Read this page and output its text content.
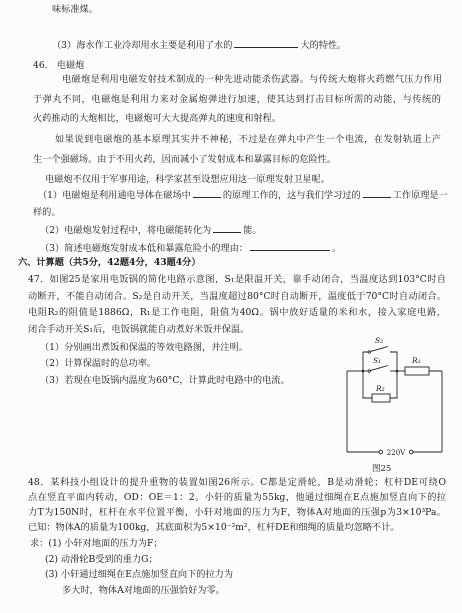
味标准煤。
（3）海水作工业冷却用水主要是利用了水的	大的特性。
46.　电磁炮
电磁炮是利用电磁发射技术制成的一种先进动能杀伤武器。与传统大炮将火药燃气压力作用
于弹丸不同，电磁炮是利用力来对金属炮弹进行加速，使其达到打击目标所需的动能，与传统的
火药推动的大炮相比，电磁炮可大大提高弹丸的速度和射程。
如果说到电磁炮的基本原理其实并不神秘，不过是在弹丸中产生一个电流，在发射轨道上产
生一个强磁场。由于不用火药，因而减小了发射成本和暴露目标的危险性。
电磁炮不仅用于军事用途，科学家甚至设想应用这一原理发射卫星呢。
（1）电磁炮是利用通电导体在磁场中	的原理工作的，这与我们学习过的	工作原理是一
样的。
（2）电磁炮发射过程中，将电磁能转化为	能。
（3）简述电磁炮发射成本低和暴露危险小的理由：	。
六、计算题（共5分，42题4分，43题4分）
47．如图25是家用电饭锅的简化电路示意图，S₁是限温开关，靠手动闭合，当温度达到103°C时自
动断开，不能自动闭合。S₂是自动开关，当温度超过80°C时自动断开，温度低于70°C时自动闭合。
电阻R₂的阻值是1886Ω，R₁是工作电阻，阻值为40Ω。锅中放好适量的米和水，接入家庭电路，
闭合手动开关S₁后，电饭锅就能自动煮好米饭并保温。
（1）分别画出煮饭和保温的等效电路图，并注明。
（2）计算保温时的总功率。
（3）若现在电饭锅内温度为60°C，计算此时电路中的电流。
S₂
S₁
R₂
R₁
220V
图25
48．某科技小组设计的提升重物的装置如图26所示。C都是定滑轮，B是动滑轮；杠杆DE可绕O
点在竖直平面内转动，OD：OE＝1：2。小轩的质量为55kg，他通过细绳在E点施加竖直向下的拉
力T为150N时，杠杆在水平位置平衡，小轩对地面的压力为F，物体A对地面的压强p为3×10³Pa。
已知：物体A的质量为100kg，其底面积为5×10⁻²m²，杠杆DE和细绳的质量均忽略不计。
求：(1) 小轩对地面的压力为F；
(2) 动滑轮B受到的重力G；
(3) 小轩通过细绳在E点施加竖直向下的拉力为
多大时，物体A对地面的压强恰好为零。
